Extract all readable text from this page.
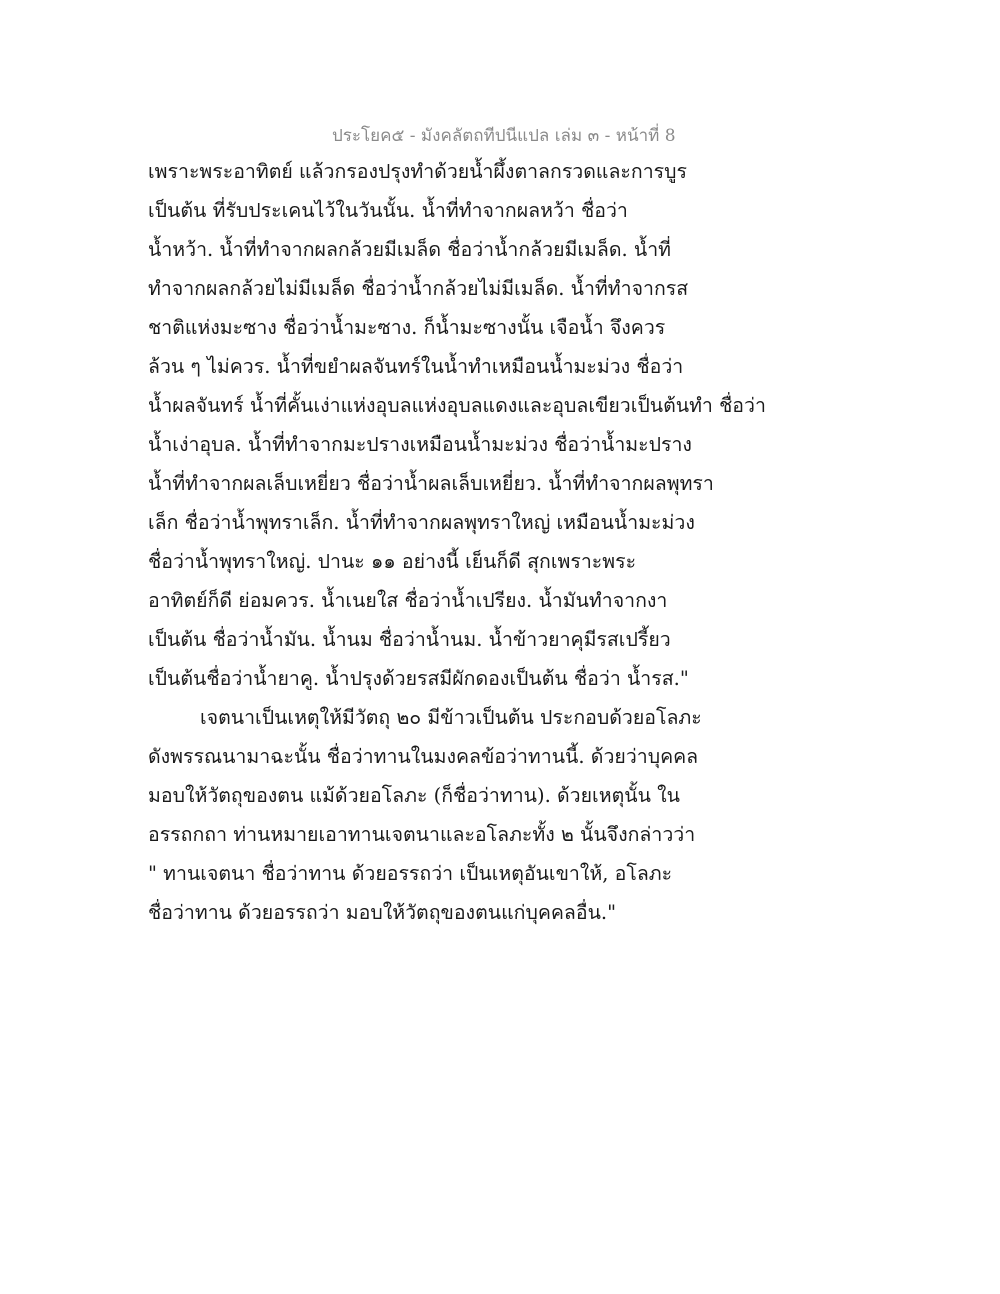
ประโยค๕ - มังคลัตถทีปนีแปล เล่ม ๓ - หน้าที่ 8
เพราะพระอาทิตย์ แล้วกรองปรุงทำด้วยน้ำผึ้งตาลกรวดและการบูร
เป็นต้น ที่รับประเคนไว้ในวันนั้น. น้ำที่ทำจากผลหว้า ชื่อว่า
น้ำหว้า. น้ำที่ทำจากผลกล้วยมีเมล็ด ชื่อว่าน้ำกล้วยมีเมล็ด. น้ำที่
ทำจากผลกล้วยไม่มีเมล็ด ชื่อว่าน้ำกล้วยไม่มีเมล็ด. น้ำที่ทำจากรส
ชาติแห่งมะซาง ชื่อว่าน้ำมะซาง. ก็น้ำมะซางนั้น เจือน้ำ จึงควร
ล้วน ๆ ไม่ควร. น้ำที่ขยำผลจันทร์ในน้ำทำเหมือนน้ำมะม่วง ชื่อว่า
น้ำผลจันทร์ น้ำที่คั้นเง่าแห่งอุบลแห่งอุบลแดงและอุบลเขียวเป็นต้นทำ ชื่อว่า
น้ำเง่าอุบล. น้ำที่ทำจากมะปรางเหมือนน้ำมะม่วง ชื่อว่าน้ำมะปราง
น้ำที่ทำจากผลเล็บเหยี่ยว ชื่อว่าน้ำผลเล็บเหยี่ยว. น้ำที่ทำจากผลพุทรา
เล็ก ชื่อว่าน้ำพุทราเล็ก. น้ำที่ทำจากผลพุทราใหญ่ เหมือนน้ำมะม่วง
ชื่อว่าน้ำพุทราใหญ่. ปานะ ๑๑ อย่างนี้ เย็นก็ดี สุกเพราะพระ
อาทิตย์ก็ดี ย่อมควร. น้ำเนยใส ชื่อว่าน้ำเปรียง. น้ำมันทำจากงา
เป็นต้น ชื่อว่าน้ำมัน. น้ำนม ชื่อว่าน้ำนม. น้ำข้าวยาคุมีรสเปรี้ยว
เป็นต้นชื่อว่าน้ำยาคู. น้ำปรุงด้วยรสมีผักดองเป็นต้น ชื่อว่า น้ำรส."
เจตนาเป็นเหตุให้มีวัตถุ ๒๐ มีข้าวเป็นต้น ประกอบด้วยอโลภะ
ดังพรรณนามาฉะนั้น ชื่อว่าทานในมงคลข้อว่าทานนี้. ด้วยว่าบุคคล
มอบให้วัตถุของตน แม้ด้วยอโลภะ (ก็ชื่อว่าทาน). ด้วยเหตุนั้น ใน
อรรถกถา ท่านหมายเอาทานเจตนาและอโลภะทั้ง ๒ นั้นจึงกล่าวว่า
" ทานเจตนา ชื่อว่าทาน ด้วยอรรถว่า เป็นเหตุอันเขาให้, อโลภะ
ชื่อว่าทาน ด้วยอรรถว่า มอบให้วัตถุของตนแก่บุคคลอื่น."
